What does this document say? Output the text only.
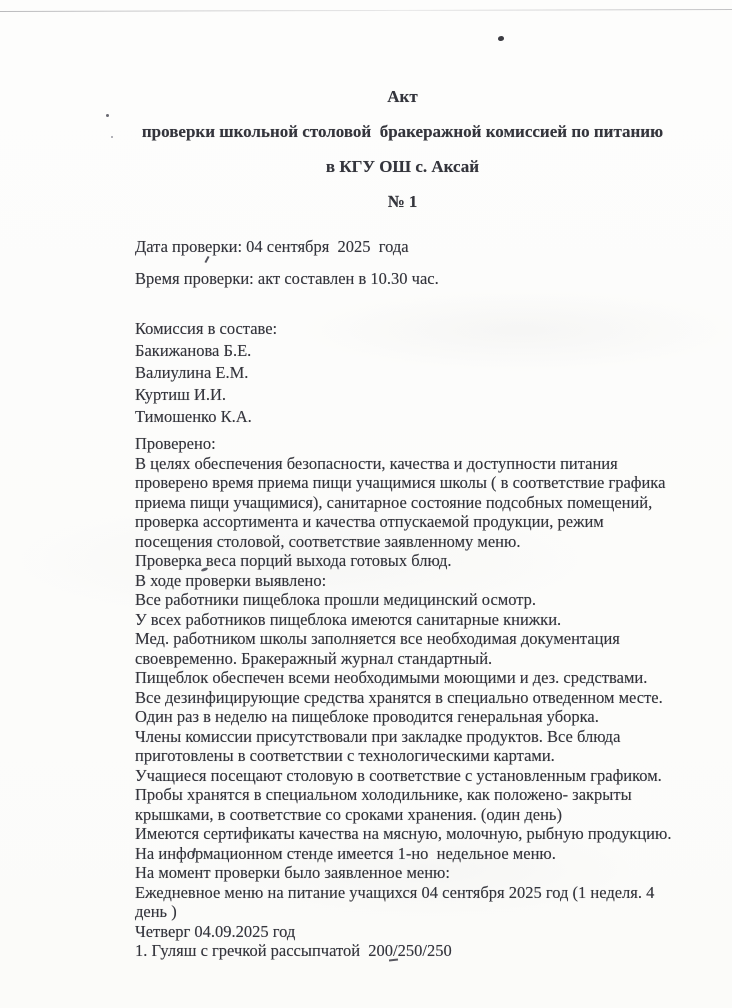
Акт
проверки школьной столовой  бракеражной комиссией по питанию
в КГУ ОШ с. Аксай
№ 1
Дата проверки: 04 сентября  2025  года
Время проверки: акт составлен в 10.30 час.
Комиссия в составе:
Бакижанова Б.Е.
Валиулина Е.М.
Куртиш И.И.
Тимошенко К.А.
Проверено:
В целях обеспечения безопасности, качества и доступности питания
проверено время приема пищи учащимися школы ( в соответствие графика
приема пищи учащимися), санитарное состояние подсобных помещений,
проверка ассортимента и качества отпускаемой продукции, режим
посещения столовой, соответствие заявленному меню.
Проверка веса порций выхода готовых блюд.
В ходе проверки выявлено:
Все работники пищеблока прошли медицинский осмотр.
У всех работников пищеблока имеются санитарные книжки.
Мед. работником школы заполняется все необходимая документация
своевременно. Бракеражный журнал стандартный.
Пищеблок обеспечен всеми необходимыми моющими и дез. средствами.
Все дезинфицирующие средства хранятся в специально отведенном месте.
Один раз в неделю на пищеблоке проводится генеральная уборка.
Члены комиссии присутствовали при закладке продуктов. Все блюда
приготовлены в соответствии с технологическими картами.
Учащиеся посещают столовую в соответствие с установленным графиком.
Пробы хранятся в специальном холодильнике, как положено- закрыты
крышками, в соответствие со сроками хранения. (один день)
Имеются сертификаты качества на мясную, молочную, рыбную продукцию.
На информационном стенде имеется 1-но  недельное меню.
На момент проверки было заявленное меню:
Ежедневное меню на питание учащихся 04 сентября 2025 год (1 неделя. 4
день )
Четверг 04.09.2025 год
1. Гуляш с гречкой рассыпчатой  200/250/250
